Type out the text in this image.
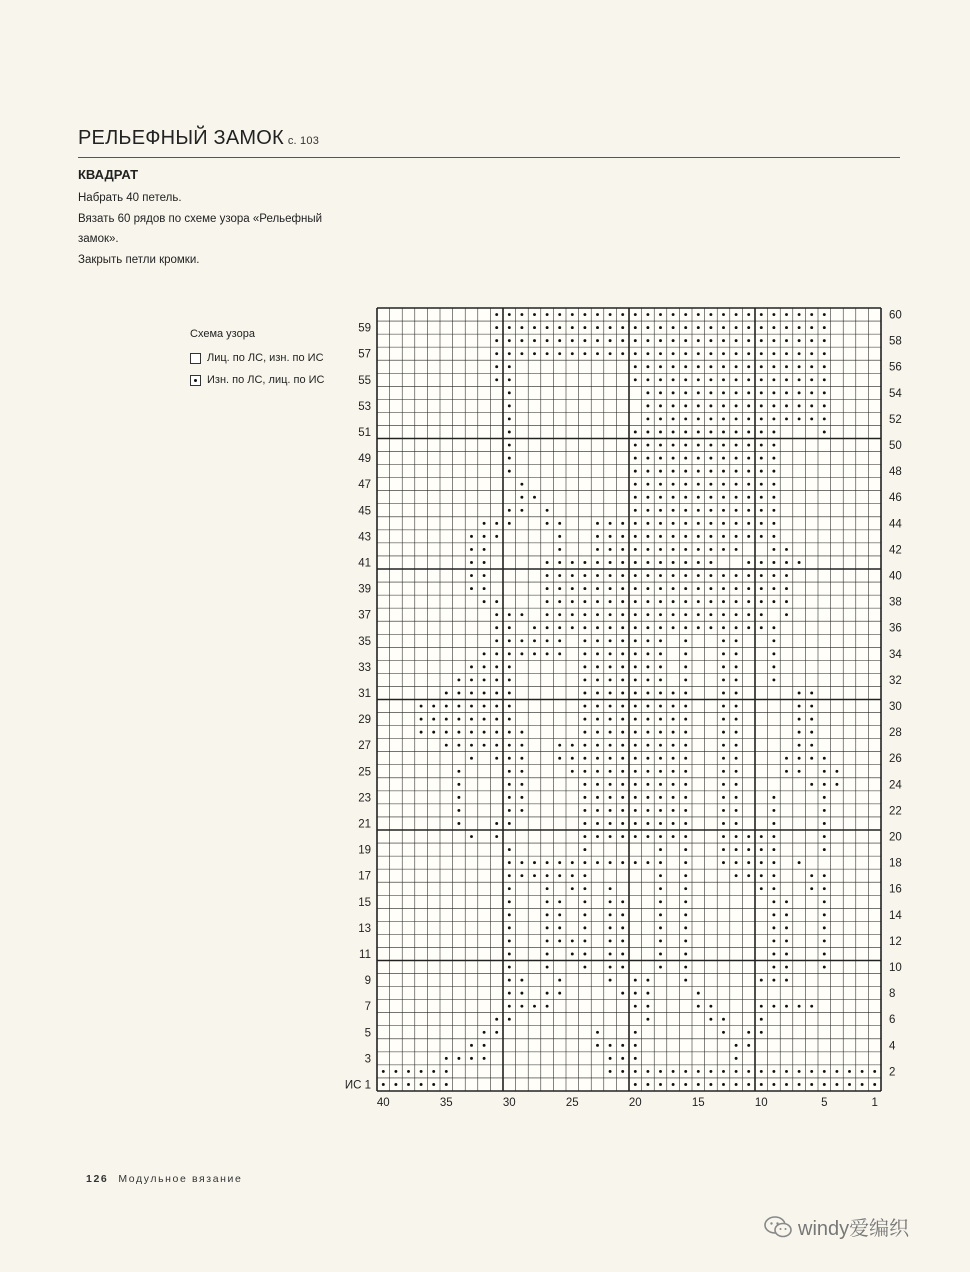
РЕЛЬЕФНЫЙ ЗАМОК с. 103
КВАДРАТ
Набрать 40 петель.
Вязать 60 рядов по схеме узора «Рельефный
замок».
Закрыть петли кромки.
Схема узора
Лиц. по ЛС, изн. по ИС
Изн. по ЛС, лиц. по ИС
ИС 1
3
5
7
9
11
13
15
17
19
21
23
25
27
29
31
33
35
37
39
41
43
45
47
49
51
53
55
57
59
2
4
6
8
10
12
14
16
18
20
22
24
26
28
30
32
34
36
38
40
42
44
46
48
50
52
54
56
58
60
40	35	30	25	20	15	10	5	1
126 Модульное вязание
windy爱编织
